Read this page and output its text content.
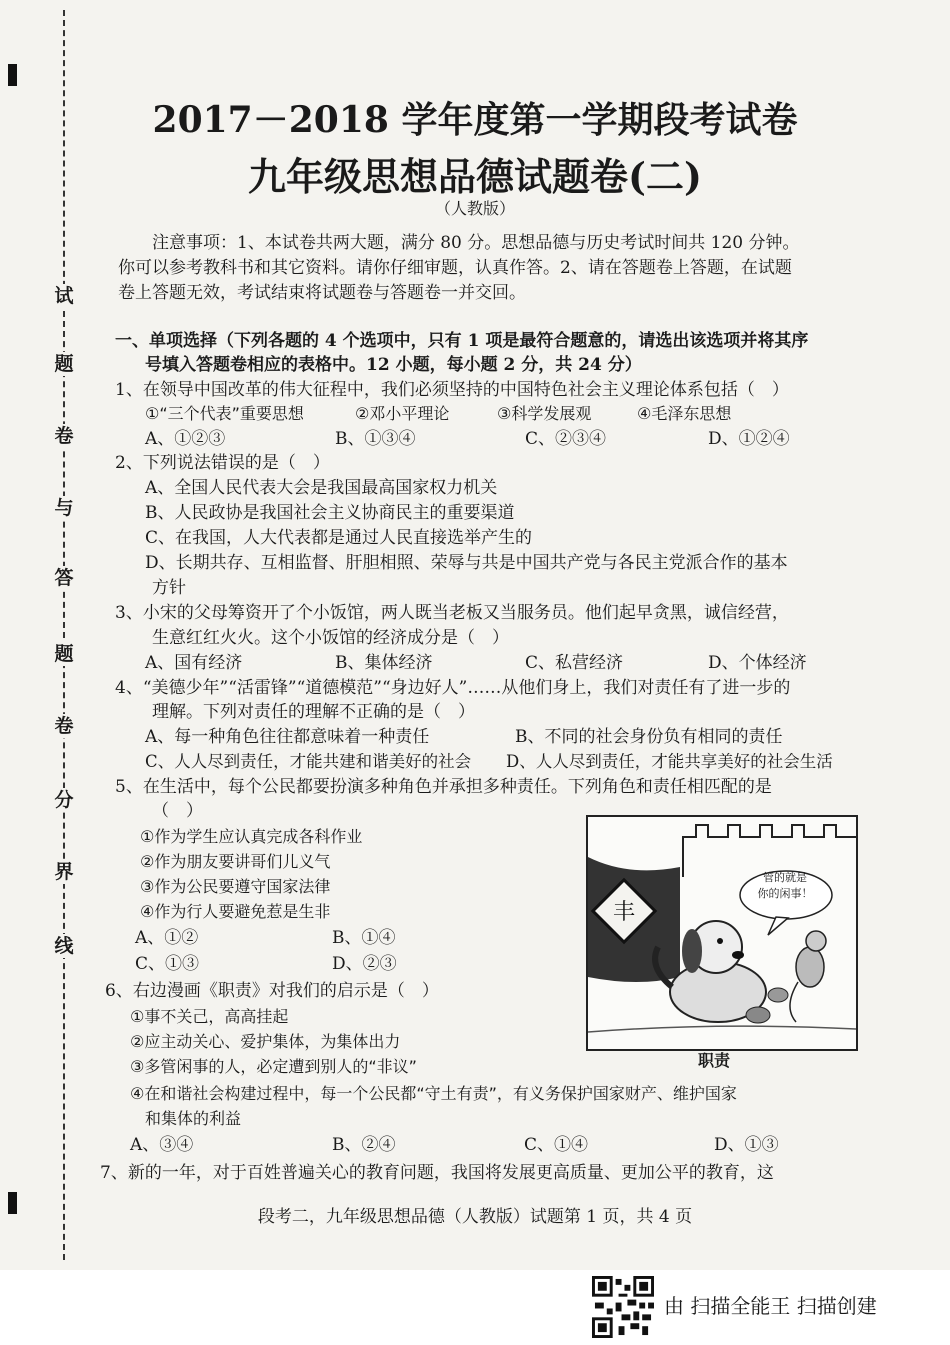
试
题
卷
与
答
题
卷
分
界
线
2017－2018 学年度第一学期段考试卷
九年级思想品德试题卷(二)
（人教版）
注意事项：1、本试卷共两大题，满分 80 分。思想品德与历史考试时间共 120 分钟。
你可以参考教科书和其它资料。请你仔细审题，认真作答。2、请在答题卷上答题，在试题
卷上答题无效，考试结束将试题卷与答题卷一并交回。
一、单项选择（下列各题的 4 个选项中，只有 1 项是最符合题意的，请选出该选项并将其序
号填入答题卷相应的表格中。12 小题，每小题 2 分，共 24 分）
1、在领导中国改革的伟大征程中，我们必须坚持的中国特色社会主义理论体系包括（　）
①“三个代表”重要思想	②邓小平理论	③科学发展观	④毛泽东思想
A、①②③	B、①③④	C、②③④	D、①②④
2、下列说法错误的是（　）
A、全国人民代表大会是我国最高国家权力机关
B、人民政协是我国社会主义协商民主的重要渠道
C、在我国，人大代表都是通过人民直接选举产生的
D、长期共存、互相监督、肝胆相照、荣辱与共是中国共产党与各民主党派合作的基本
方针
3、小宋的父母筹资开了个小饭馆，两人既当老板又当服务员。他们起早贪黑，诚信经营，
生意红红火火。这个小饭馆的经济成分是（　）
A、国有经济	B、集体经济	C、私营经济	D、个体经济
4、“美德少年”“活雷锋”“道德模范”“身边好人”……从他们身上，我们对责任有了进一步的
理解。下列对责任的理解不正确的是（　）
A、每一种角色往往都意味着一种责任	B、不同的社会身份负有相同的责任
C、人人尽到责任，才能共建和谐美好的社会 D、人人尽到责任，才能共享美好的社会生活
5、在生活中，每个公民都要扮演多种角色并承担多种责任。下列角色和责任相匹配的是
（　）
①作为学生应认真完成各科作业
②作为朋友要讲哥们儿义气
③作为公民要遵守国家法律
④作为行人要避免惹是生非
A、①②	B、①④
C、①③	D、②③
6、右边漫画《职责》对我们的启示是（　）
①事不关己，高高挂起
②应主动关心、爱护集体，为集体出力
③多管闲事的人，必定遭到别人的“非议”
④在和谐社会构建过程中，每一个公民都“守土有责”，有义务保护国家财产、维护国家
和集体的利益
A、③④	B、②④	C、①④	D、①③
7、新的一年，对于百姓普遍关心的教育问题，我国将发展更高质量、更加公平的教育，这
丰
管的就是
你的闲事！
职责
段考二，九年级思想品德（人教版）试题第 1 页，共 4 页
由 扫描全能王 扫描创建
